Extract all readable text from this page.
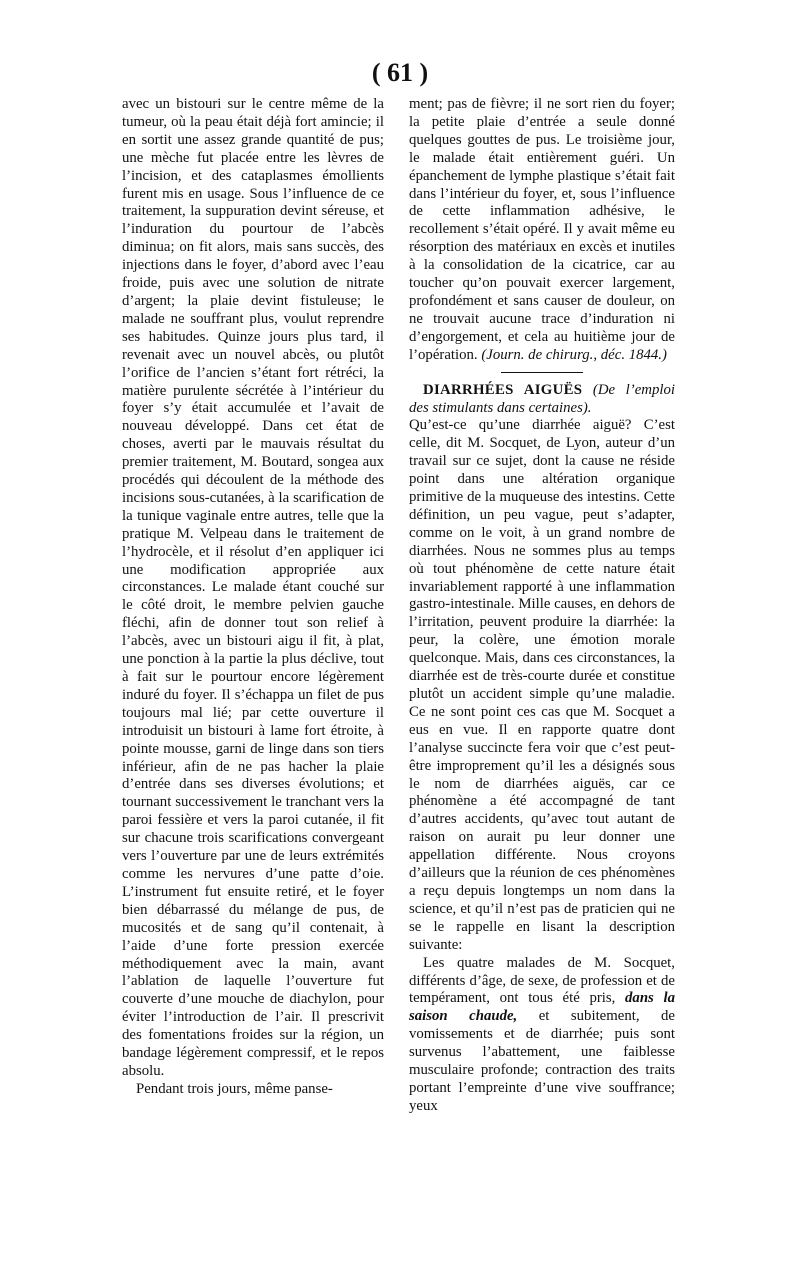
( 61 )

avec un bistouri sur le centre même de la tumeur, où la peau était déjà fort amincie; il en sortit une assez grande quantité de pus; une mèche fut placée entre les lèvres de l’incision, et des cataplasmes émollients furent mis en usage. Sous l’influence de ce traitement, la suppuration devint séreuse, et l’induration du pourtour de l’abcès diminua; on fit alors, mais sans succès, des injections dans le foyer, d’abord avec l’eau froide, puis avec une solution de nitrate d’argent; la plaie devint fistuleuse; le malade ne souffrant plus, voulut reprendre ses habitudes. Quinze jours plus tard, il revenait avec un nouvel abcès, ou plutôt l’orifice de l’ancien s’étant fort rétréci, la matière purulente sécrétée à l’intérieur du foyer s’y était accumulée et l’avait de nouveau développé. Dans cet état de choses, averti par le mauvais résultat du premier traitement, M. Boutard, songea aux procédés qui découlent de la méthode des incisions sous-cutanées, à la scarification de la tunique vaginale entre autres, telle que la pratique M. Velpeau dans le traitement de l’hydrocèle, et il résolut d’en appliquer ici une modification appropriée aux circonstances. Le malade étant couché sur le côté droit, le membre pelvien gauche fléchi, afin de donner tout son relief à l’abcès, avec un bistouri aigu il fit, à plat, une ponction à la partie la plus déclive, tout à fait sur le pourtour encore légèrement induré du foyer. Il s’échappa un filet de pus toujours mal lié; par cette ouverture il introduisit un bistouri à lame fort étroite, à pointe mousse, garni de linge dans son tiers inférieur, afin de ne pas hacher la plaie d’entrée dans ses diverses évolutions; et tournant successivement le tranchant vers la paroi fessière et vers la paroi cutanée, il fit sur chacune trois scarifications convergeant vers l’ouverture par une de leurs extrémités comme les nervures d’une patte d’oie. L’instrument fut ensuite retiré, et le foyer bien débarrassé du mélange de pus, de mucosités et de sang qu’il contenait, à l’aide d’une forte pression exercée méthodiquement avec la main, avant l’ablation de laquelle l’ouverture fut couverte d’une mouche de diachylon, pour éviter l’introduction de l’air. Il prescrivit des fomentations froides sur la région, un bandage légèrement compressif, et le repos absolu.

Pendant trois jours, même panse-

ment; pas de fièvre; il ne sort rien du foyer; la petite plaie d’entrée a seule donné quelques gouttes de pus. Le troisième jour, le malade était entièrement guéri. Un épanchement de lymphe plastique s’était fait dans l’intérieur du foyer, et, sous l’influence de cette inflammation adhésive, le recollement s’était opéré. Il y avait même eu résorption des matériaux en excès et inutiles à la consolidation de la cicatrice, car au toucher qu’on pouvait exercer largement, profondément et sans causer de douleur, on ne trouvait aucune trace d’induration ni d’engorgement, et cela au huitième jour de l’opération. (Journ. de chirurg., déc. 1844.)

DIARRHÉES AIGUËS (De l’emploi des stimulants dans certaines).

Qu’est-ce qu’une diarrhée aiguë? C’est celle, dit M. Socquet, de Lyon, auteur d’un travail sur ce sujet, dont la cause ne réside point dans une altération organique primitive de la muqueuse des intestins. Cette définition, un peu vague, peut s’adapter, comme on le voit, à un grand nombre de diarrhées. Nous ne sommes plus au temps où tout phénomène de cette nature était invariablement rapporté à une inflammation gastro-intestinale. Mille causes, en dehors de l’irritation, peuvent produire la diarrhée: la peur, la colère, une émotion morale quelconque. Mais, dans ces circonstances, la diarrhée est de très-courte durée et constitue plutôt un accident simple qu’une maladie. Ce ne sont point ces cas que M. Socquet a eus en vue. Il en rapporte quatre dont l’analyse succincte fera voir que c’est peut-être improprement qu’il les a désignés sous le nom de diarrhées aiguës, car ce phénomène a été accompagné de tant d’autres accidents, qu’avec tout autant de raison on aurait pu leur donner une appellation différente. Nous croyons d’ailleurs que la réunion de ces phénomènes a reçu depuis longtemps un nom dans la science, et qu’il n’est pas de praticien qui ne se le rappelle en lisant la description suivante:

Les quatre malades de M. Socquet, différents d’âge, de sexe, de profession et de tempérament, ont tous été pris, dans la saison chaude, et subitement, de vomissements et de diarrhée; puis sont survenus l’abattement, une faiblesse musculaire profonde; contraction des traits portant l’empreinte d’une vive souffrance; yeux
